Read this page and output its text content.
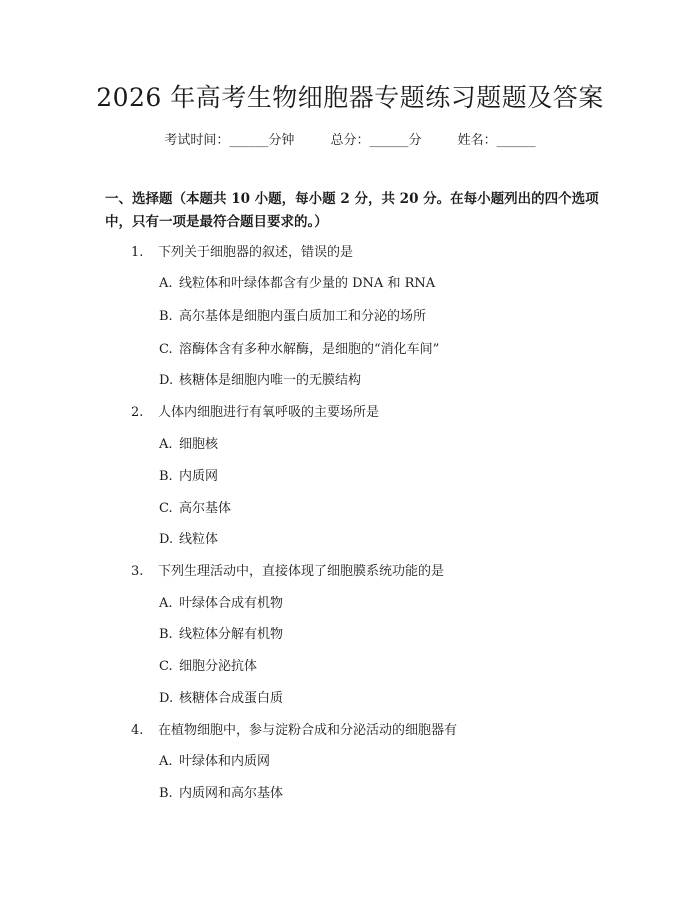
2026 年高考生物细胞器专题练习题题及答案
考试时间：______分钟	总分：______分	姓名：______
一、选择题（本题共 10 小题，每小题 2 分，共 20 分。在每小题列出的四个选项中，只有一项是最符合题目要求的。）
1. 下列关于细胞器的叙述，错误的是
A. 线粒体和叶绿体都含有少量的 DNA 和 RNA
B. 高尔基体是细胞内蛋白质加工和分泌的场所
C. 溶酶体含有多种水解酶，是细胞的“消化车间”
D. 核糖体是细胞内唯一的无膜结构
2. 人体内细胞进行有氧呼吸的主要场所是
A. 细胞核
B. 内质网
C. 高尔基体
D. 线粒体
3. 下列生理活动中，直接体现了细胞膜系统功能的是
A. 叶绿体合成有机物
B. 线粒体分解有机物
C. 细胞分泌抗体
D. 核糖体合成蛋白质
4. 在植物细胞中，参与淀粉合成和分泌活动的细胞器有
A. 叶绿体和内质网
B. 内质网和高尔基体
